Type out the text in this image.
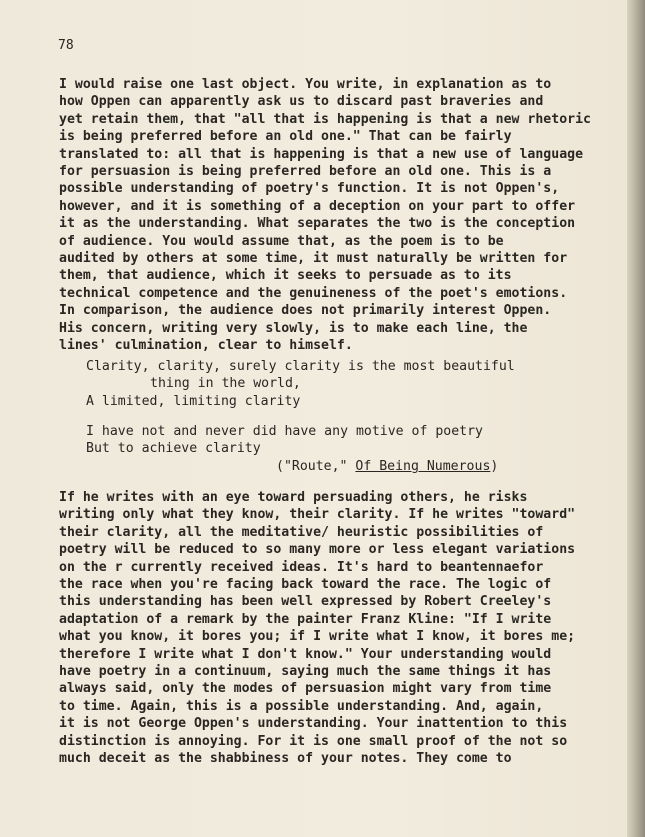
78

I would raise one last object. You write, in explanation as to
how Oppen can apparently ask us to discard past braveries and
yet retain them, that "all that is happening is that a new rhetoric
is being preferred before an old one." That can be fairly
translated to: all that is happening is that a new use of language
for persuasion is being preferred before an old one. This is a
possible understanding of poetry's function. It is not Oppen's,
however, and it is something of a deception on your part to offer
it as the understanding. What separates the two is the conception
of audience. You would assume that, as the poem is to be
audited by others at some time, it must naturally be written for
them, that audience, which it seeks to persuade as to its
technical competence and the genuineness of the poet's emotions.
In comparison, the audience does not primarily interest Oppen.
His concern, writing very slowly, is to make each line, the
lines' culmination, clear to himself.

Clarity, clarity, surely clarity is the most beautiful
thing in the world,
A limited, limiting clarity

I have not and never did have any motive of poetry
But to achieve clarity

("Route," Of Being Numerous)

If he writes with an eye toward persuading others, he risks
writing only what they know, their clarity. If he writes "toward"
their clarity, all the meditative/ heuristic possibilities of
poetry will be reduced to so many more or less elegant variations
on the r currently received ideas. It's hard to beantennaefor
the race when you're facing back toward the race. The logic of
this understanding has been well expressed by Robert Creeley's
adaptation of a remark by the painter Franz Kline: "If I write
what you know, it bores you; if I write what I know, it bores me;
therefore I write what I don't know." Your understanding would
have poetry in a continuum, saying much the same things it has
always said, only the modes of persuasion might vary from time
to time. Again, this is a possible understanding. And, again,
it is not George Oppen's understanding. Your inattention to this
distinction is annoying. For it is one small proof of the not so
much deceit as the shabbiness of your notes. They come to
